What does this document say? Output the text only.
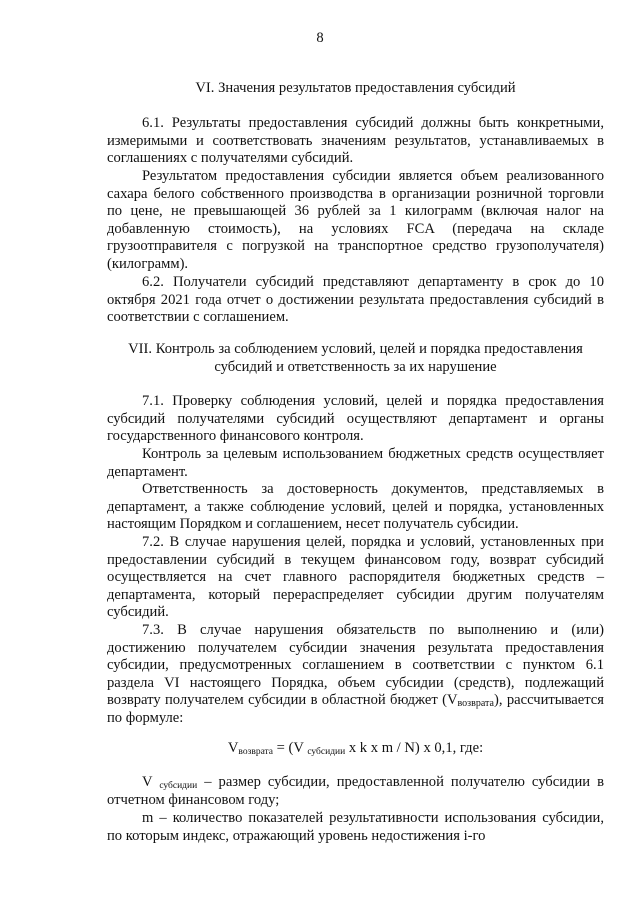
8
VI. Значения результатов предоставления субсидий
6.1. Результаты предоставления субсидий должны быть конкретными, измеримыми и соответствовать значениям результатов, устанавливаемых в соглашениях с получателями субсидий.
Результатом предоставления субсидии является объем реализованного сахара белого собственного производства в организации розничной торговли по цене, не превышающей 36 рублей за 1 килограмм (включая налог на добавленную стоимость), на условиях FCA (передача на складе грузоотправителя с погрузкой на транспортное средство грузополучателя) (килограмм).
6.2. Получатели субсидий представляют департаменту в срок до 10 октября 2021 года отчет о достижении результата предоставления субсидий в соответствии с соглашением.
VII. Контроль за соблюдением условий, целей и порядка предоставления
субсидий и ответственность за их нарушение
7.1. Проверку соблюдения условий, целей и порядка предоставления субсидий получателями субсидий осуществляют департамент и органы государственного финансового контроля.
Контроль за целевым использованием бюджетных средств осуществляет департамент.
Ответственность за достоверность документов, представляемых в департамент, а также соблюдение условий, целей и порядка, установленных настоящим Порядком и соглашением, несет получатель субсидии.
7.2. В случае нарушения целей, порядка и условий, установленных при предоставлении субсидий в текущем финансовом году, возврат субсидий осуществляется на счет главного распорядителя бюджетных средств – департамента, который перераспределяет субсидии другим получателям субсидий.
7.3. В случае нарушения обязательств по выполнению и (или) достижению получателем субсидии значения результата предоставления субсидии, предусмотренных соглашением в соответствии с пунктом 6.1 раздела VI настоящего Порядка, объем субсидии (средств), подлежащий возврату получателем субсидии в областной бюджет $(V_{возврата})$, рассчитывается по формуле:
$V_{возврата} = (V$ $_{субсидии}$ x k x m / N) x 0,1, где:
V $_{субсидии}$ – размер субсидии, предоставленной получателю субсидии в отчетном финансовом году;
m – количество показателей результативности использования субсидии, по которым индекс, отражающий уровень недостижения i-го
